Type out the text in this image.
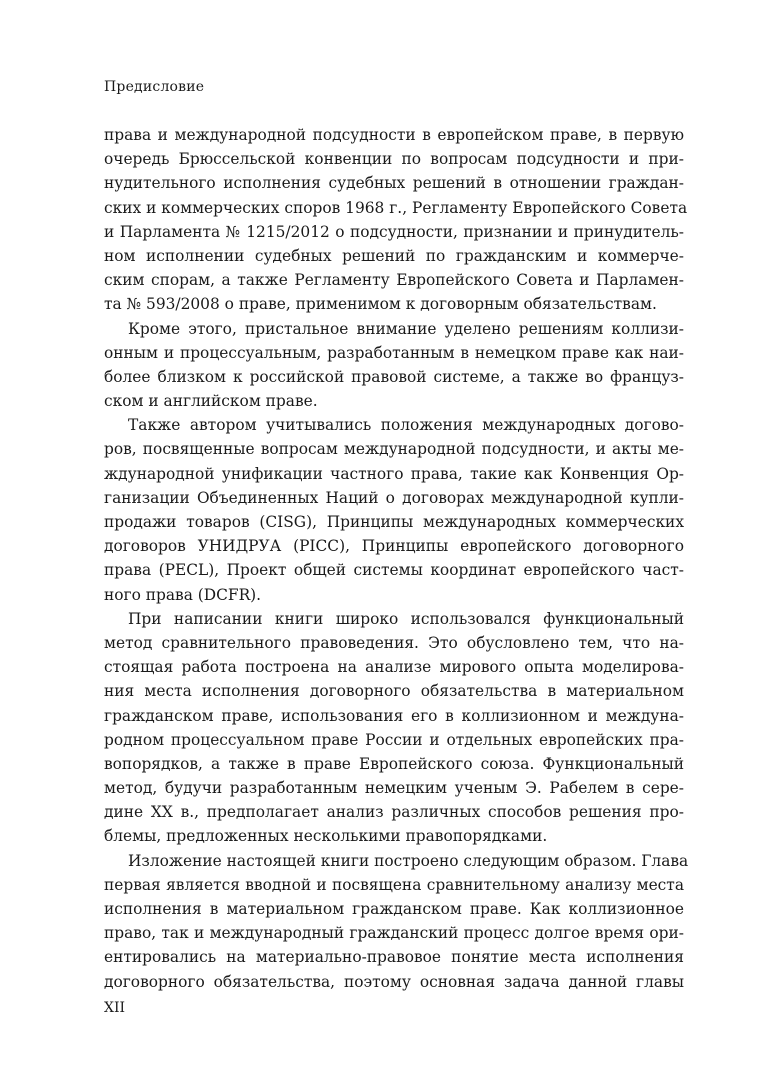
Предисловие
права и международной подсудности в европейском праве, в первую
очередь Брюссельской конвенции по вопросам подсудности и при-
нудительного исполнения судебных решений в отношении граждан-
ских и коммерческих споров 1968 г., Регламенту Европейского Совета
и Парламента № 1215/2012 о подсудности, признании и принудитель-
ном исполнении судебных решений по гражданским и коммерче-
ским спорам, а также Регламенту Европейского Совета и Парламен-
та № 593/2008 о праве, применимом к договорным обязательствам.
Кроме этого, пристальное внимание уделено решениям коллизи-
онным и процессуальным, разработанным в немецком праве как наи-
более близком к российской правовой системе, а также во француз-
ском и английском праве.
Также автором учитывались положения международных догово-
ров, посвященные вопросам международной подсудности, и акты ме-
ждународной унификации частного права, такие как Конвенция Ор-
ганизации Объединенных Наций о договорах международной купли-
продажи товаров (CISG), Принципы международных коммерческих
договоров УНИДРУА (PICC), Принципы европейского договорного
права (PECL), Проект общей системы координат европейского част-
ного права (DCFR).
При написании книги широко использовался функциональный
метод сравнительного правоведения. Это обусловлено тем, что на-
стоящая работа построена на анализе мирового опыта моделирова-
ния места исполнения договорного обязательства в материальном
гражданском праве, использования его в коллизионном и междуна-
родном процессуальном праве России и отдельных европейских пра-
вопорядков, а также в праве Европейского союза. Функциональный
метод, будучи разработанным немецким ученым Э. Рабелем в сере-
дине XX в., предполагает анализ различных способов решения про-
блемы, предложенных несколькими правопорядками.
Изложение настоящей книги построено следующим образом. Глава
первая является вводной и посвящена сравнительному анализу места
исполнения в материальном гражданском праве. Как коллизионное
право, так и международный гражданский процесс долгое время ори-
ентировались на материально-правовое понятие места исполнения
договорного обязательства, поэтому основная задача данной главы
XII
